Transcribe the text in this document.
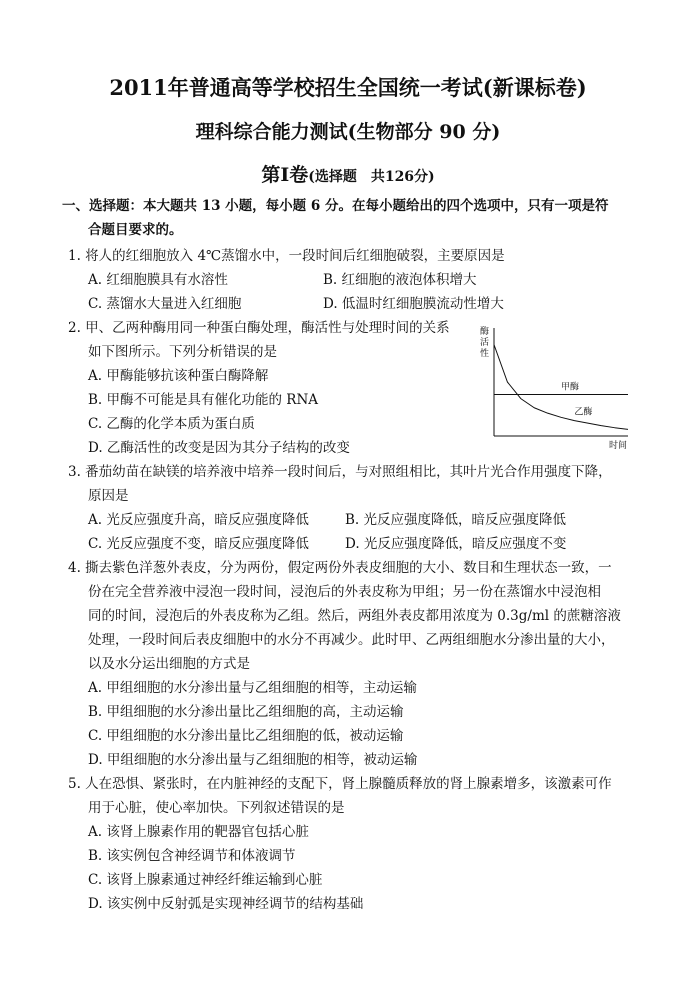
2011年普通高等学校招生全国统一考试(新课标卷)
理科综合能力测试(生物部分 90 分)
第Ⅰ卷(选择题　共126分)
一、选择题：本大题共 13 小题，每小题 6 分。在每小题给出的四个选项中，只有一项是符
合题目要求的。
1. 将人的红细胞放入 4℃蒸馏水中，一段时间后红细胞破裂，主要原因是
A. 红细胞膜具有水溶性	B. 红细胞的液泡体积增大
C. 蒸馏水大量进入红细胞	D. 低温时红细胞膜流动性增大
2. 甲、乙两种酶用同一种蛋白酶处理，酶活性与处理时间的关系
如下图所示。下列分析错误的是
A. 甲酶能够抗该种蛋白酶降解
B. 甲酶不可能是具有催化功能的 RNA
C. 乙酶的化学本质为蛋白质
D. 乙酶活性的改变是因为其分子结构的改变
酶活性
时间
甲酶
乙酶
3. 番茄幼苗在缺镁的培养液中培养一段时间后，与对照组相比，其叶片光合作用强度下降，
原因是
A. 光反应强度升高，暗反应强度降低	B. 光反应强度降低，暗反应强度降低
C. 光反应强度不变，暗反应强度降低	D. 光反应强度降低，暗反应强度不变
4. 撕去紫色洋葱外表皮，分为两份，假定两份外表皮细胞的大小、数目和生理状态一致，一
份在完全营养液中浸泡一段时间，浸泡后的外表皮称为甲组；另一份在蒸馏水中浸泡相
同的时间，浸泡后的外表皮称为乙组。然后，两组外表皮都用浓度为 0.3g/ml 的蔗糖溶液
处理，一段时间后表皮细胞中的水分不再减少。此时甲、乙两组细胞水分渗出量的大小，
以及水分运出细胞的方式是
A. 甲组细胞的水分渗出量与乙组细胞的相等，主动运输
B. 甲组细胞的水分渗出量比乙组细胞的高，主动运输
C. 甲组细胞的水分渗出量比乙组细胞的低，被动运输
D. 甲组细胞的水分渗出量与乙组细胞的相等，被动运输
5. 人在恐惧、紧张时，在内脏神经的支配下，肾上腺髓质释放的肾上腺素增多，该激素可作
用于心脏，使心率加快。下列叙述错误的是
A. 该肾上腺素作用的靶器官包括心脏
B. 该实例包含神经调节和体液调节
C. 该肾上腺素通过神经纤维运输到心脏
D. 该实例中反射弧是实现神经调节的结构基础
